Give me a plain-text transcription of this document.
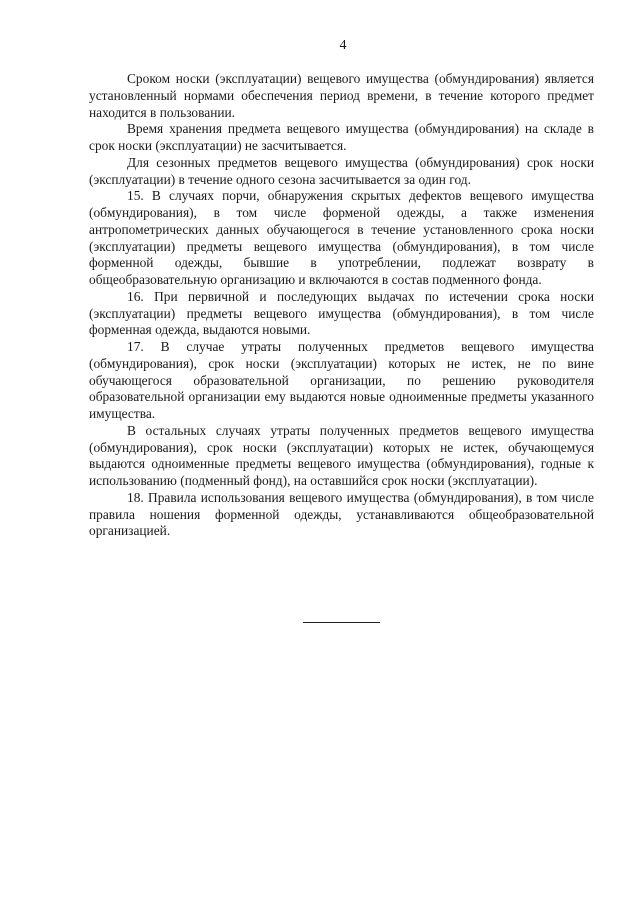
4

Сроком носки (эксплуатации) вещевого имущества (обмундирования) является установленный нормами обеспечения период времени, в течение которого предмет находится в пользовании.

Время хранения предмета вещевого имущества (обмундирования) на складе в срок носки (эксплуатации) не засчитывается.

Для сезонных предметов вещевого имущества (обмундирования) срок носки (эксплуатации) в течение одного сезона засчитывается за один год.

15. В случаях порчи, обнаружения скрытых дефектов вещевого имущества (обмундирования), в том числе форменой одежды, а также изменения антропометрических данных обучающегося в течение установленного срока носки (эксплуатации) предметы вещевого имущества (обмундирования), в том числе форменной одежды, бывшие в употреблении, подлежат возврату в общеобразовательную организацию и включаются в состав подменного фонда.

16. При первичной и последующих выдачах по истечении срока носки (эксплуатации) предметы вещевого имущества (обмундирования), в том числе форменная одежда, выдаются новыми.

17. В случае утраты полученных предметов вещевого имущества (обмундирования), срок носки (эксплуатации) которых не истек, не по вине обучающегося образовательной организации, по решению руководителя образовательной организации ему выдаются новые одноименные предметы указанного имущества.

В остальных случаях утраты полученных предметов вещевого имущества (обмундирования), срок носки (эксплуатации) которых не истек, обучающемуся выдаются одноименные предметы вещевого имущества (обмундирования), годные к использованию (подменный фонд), на оставшийся срок носки (эксплуатации).

18. Правила использования вещевого имущества (обмундирования), в том числе правила ношения форменной одежды, устанавливаются общеобразовательной организацией.
